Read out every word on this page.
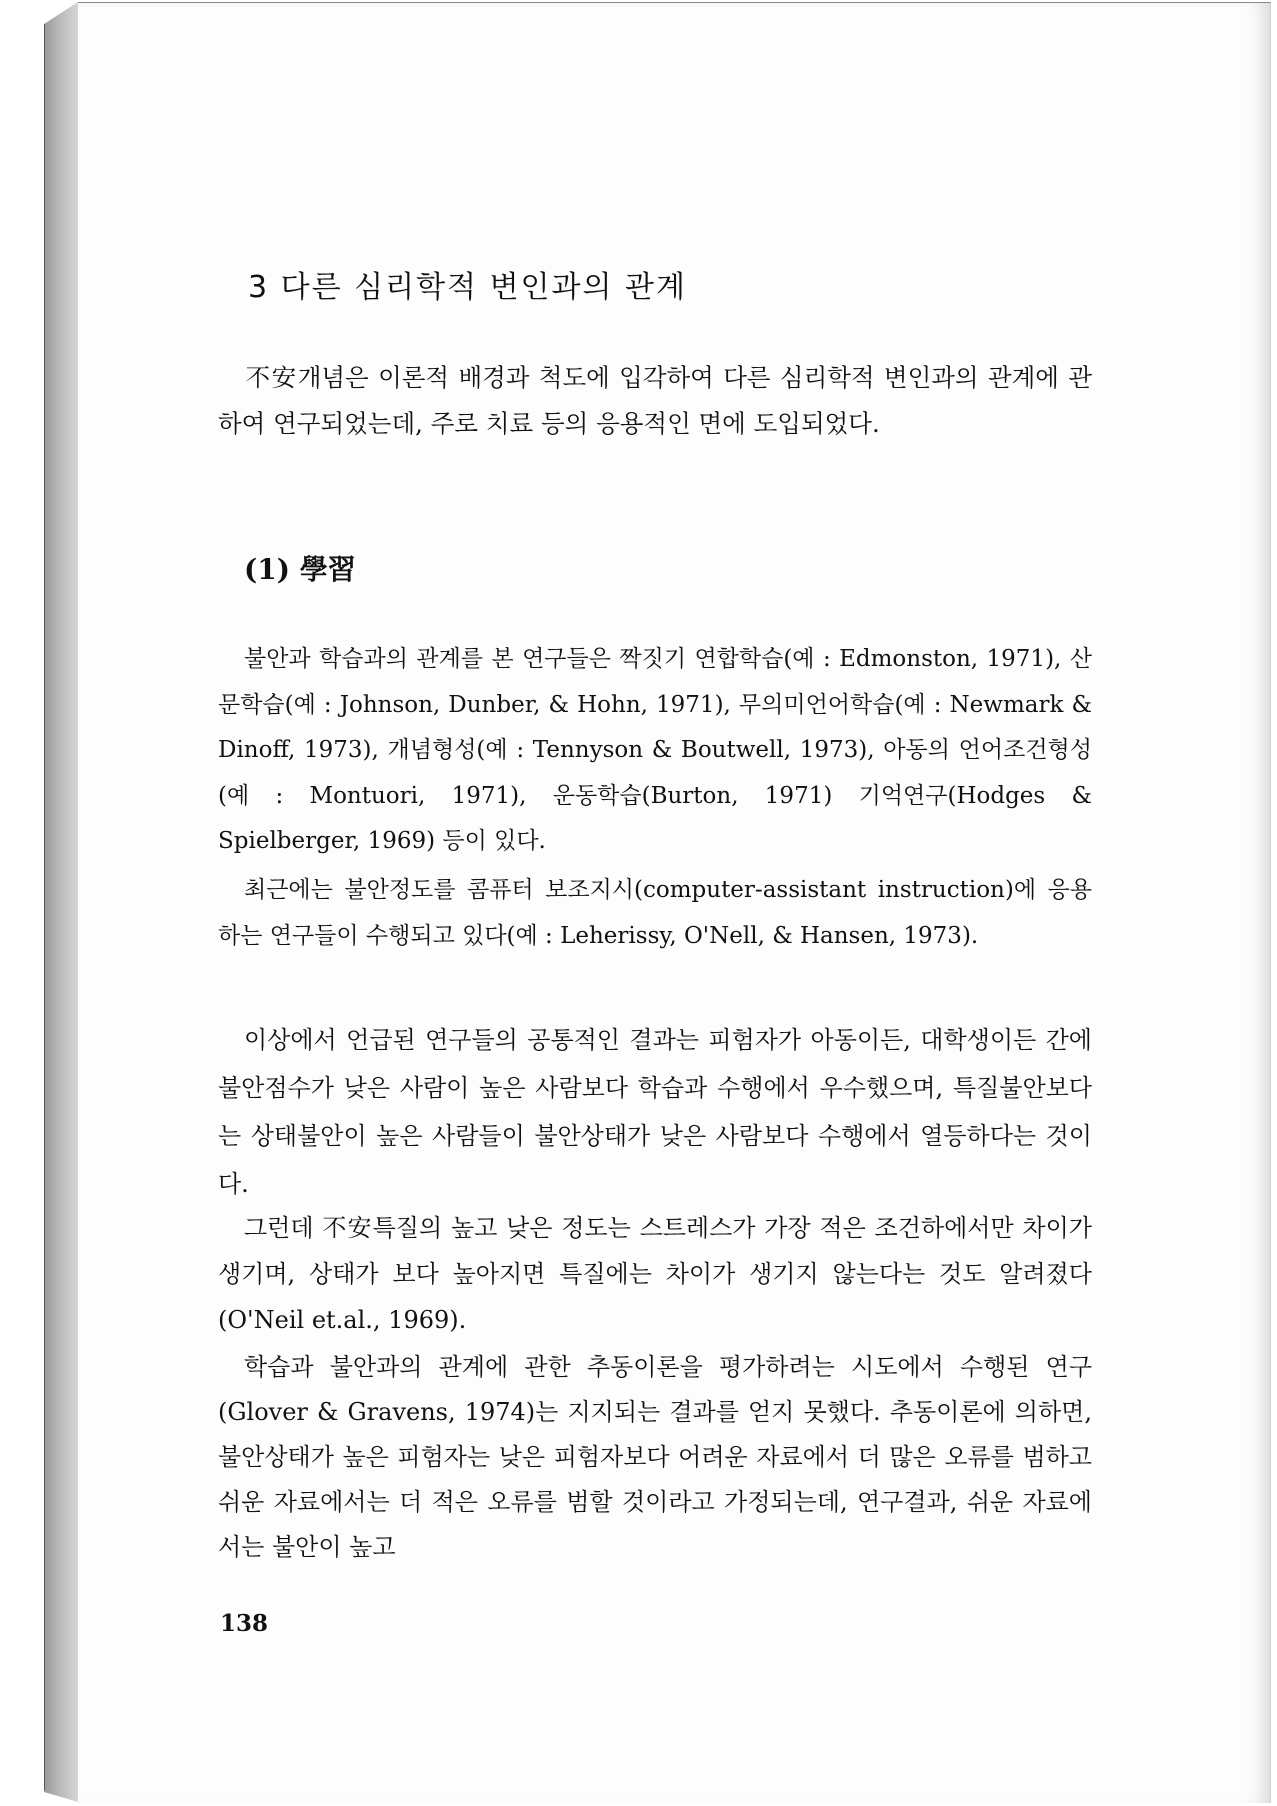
3 다른 심리학적 변인과의 관계

不安개념은 이론적 배경과 척도에 입각하여 다른 심리학적 변인과의 관계에 관하여 연구되었는데, 주로 치료 등의 응용적인 면에 도입되었다.

(1) 學習

불안과 학습과의 관계를 본 연구들은 짝짓기 연합학습(예 : Edmonston, 1971), 산문학습(예 : Johnson, Dunber, & Hohn, 1971), 무의미언어학습(예 : Newmark & Dinoff, 1973), 개념형성(예 : Tennyson & Boutwell, 1973), 아동의 언어조건형성(예 : Montuori, 1971), 운동학습(Burton, 1971) 기억연구(Hodges & Spielberger, 1969) 등이 있다.

최근에는 불안정도를 콤퓨터 보조지시(computer-assistant instruction)에 응용하는 연구들이 수행되고 있다(예 : Leherissy, O'Nell, & Hansen, 1973).

이상에서 언급된 연구들의 공통적인 결과는 피험자가 아동이든, 대학생이든 간에 불안점수가 낮은 사람이 높은 사람보다 학습과 수행에서 우수했으며, 특질불안보다는 상태불안이 높은 사람들이 불안상태가 낮은 사람보다 수행에서 열등하다는 것이다.

그런데 不安특질의 높고 낮은 정도는 스트레스가 가장 적은 조건하에서만 차이가 생기며, 상태가 보다 높아지면 특질에는 차이가 생기지 않는다는 것도 알려졌다(O'Neil et.al., 1969).

학습과 불안과의 관계에 관한 추동이론을 평가하려는 시도에서 수행된 연구(Glover & Gravens, 1974)는 지지되는 결과를 얻지 못했다. 추동이론에 의하면, 불안상태가 높은 피험자는 낮은 피험자보다 어려운 자료에서 더 많은 오류를 범하고 쉬운 자료에서는 더 적은 오류를 범할 것이라고 가정되는데, 연구결과, 쉬운 자료에서는 불안이 높고

138
